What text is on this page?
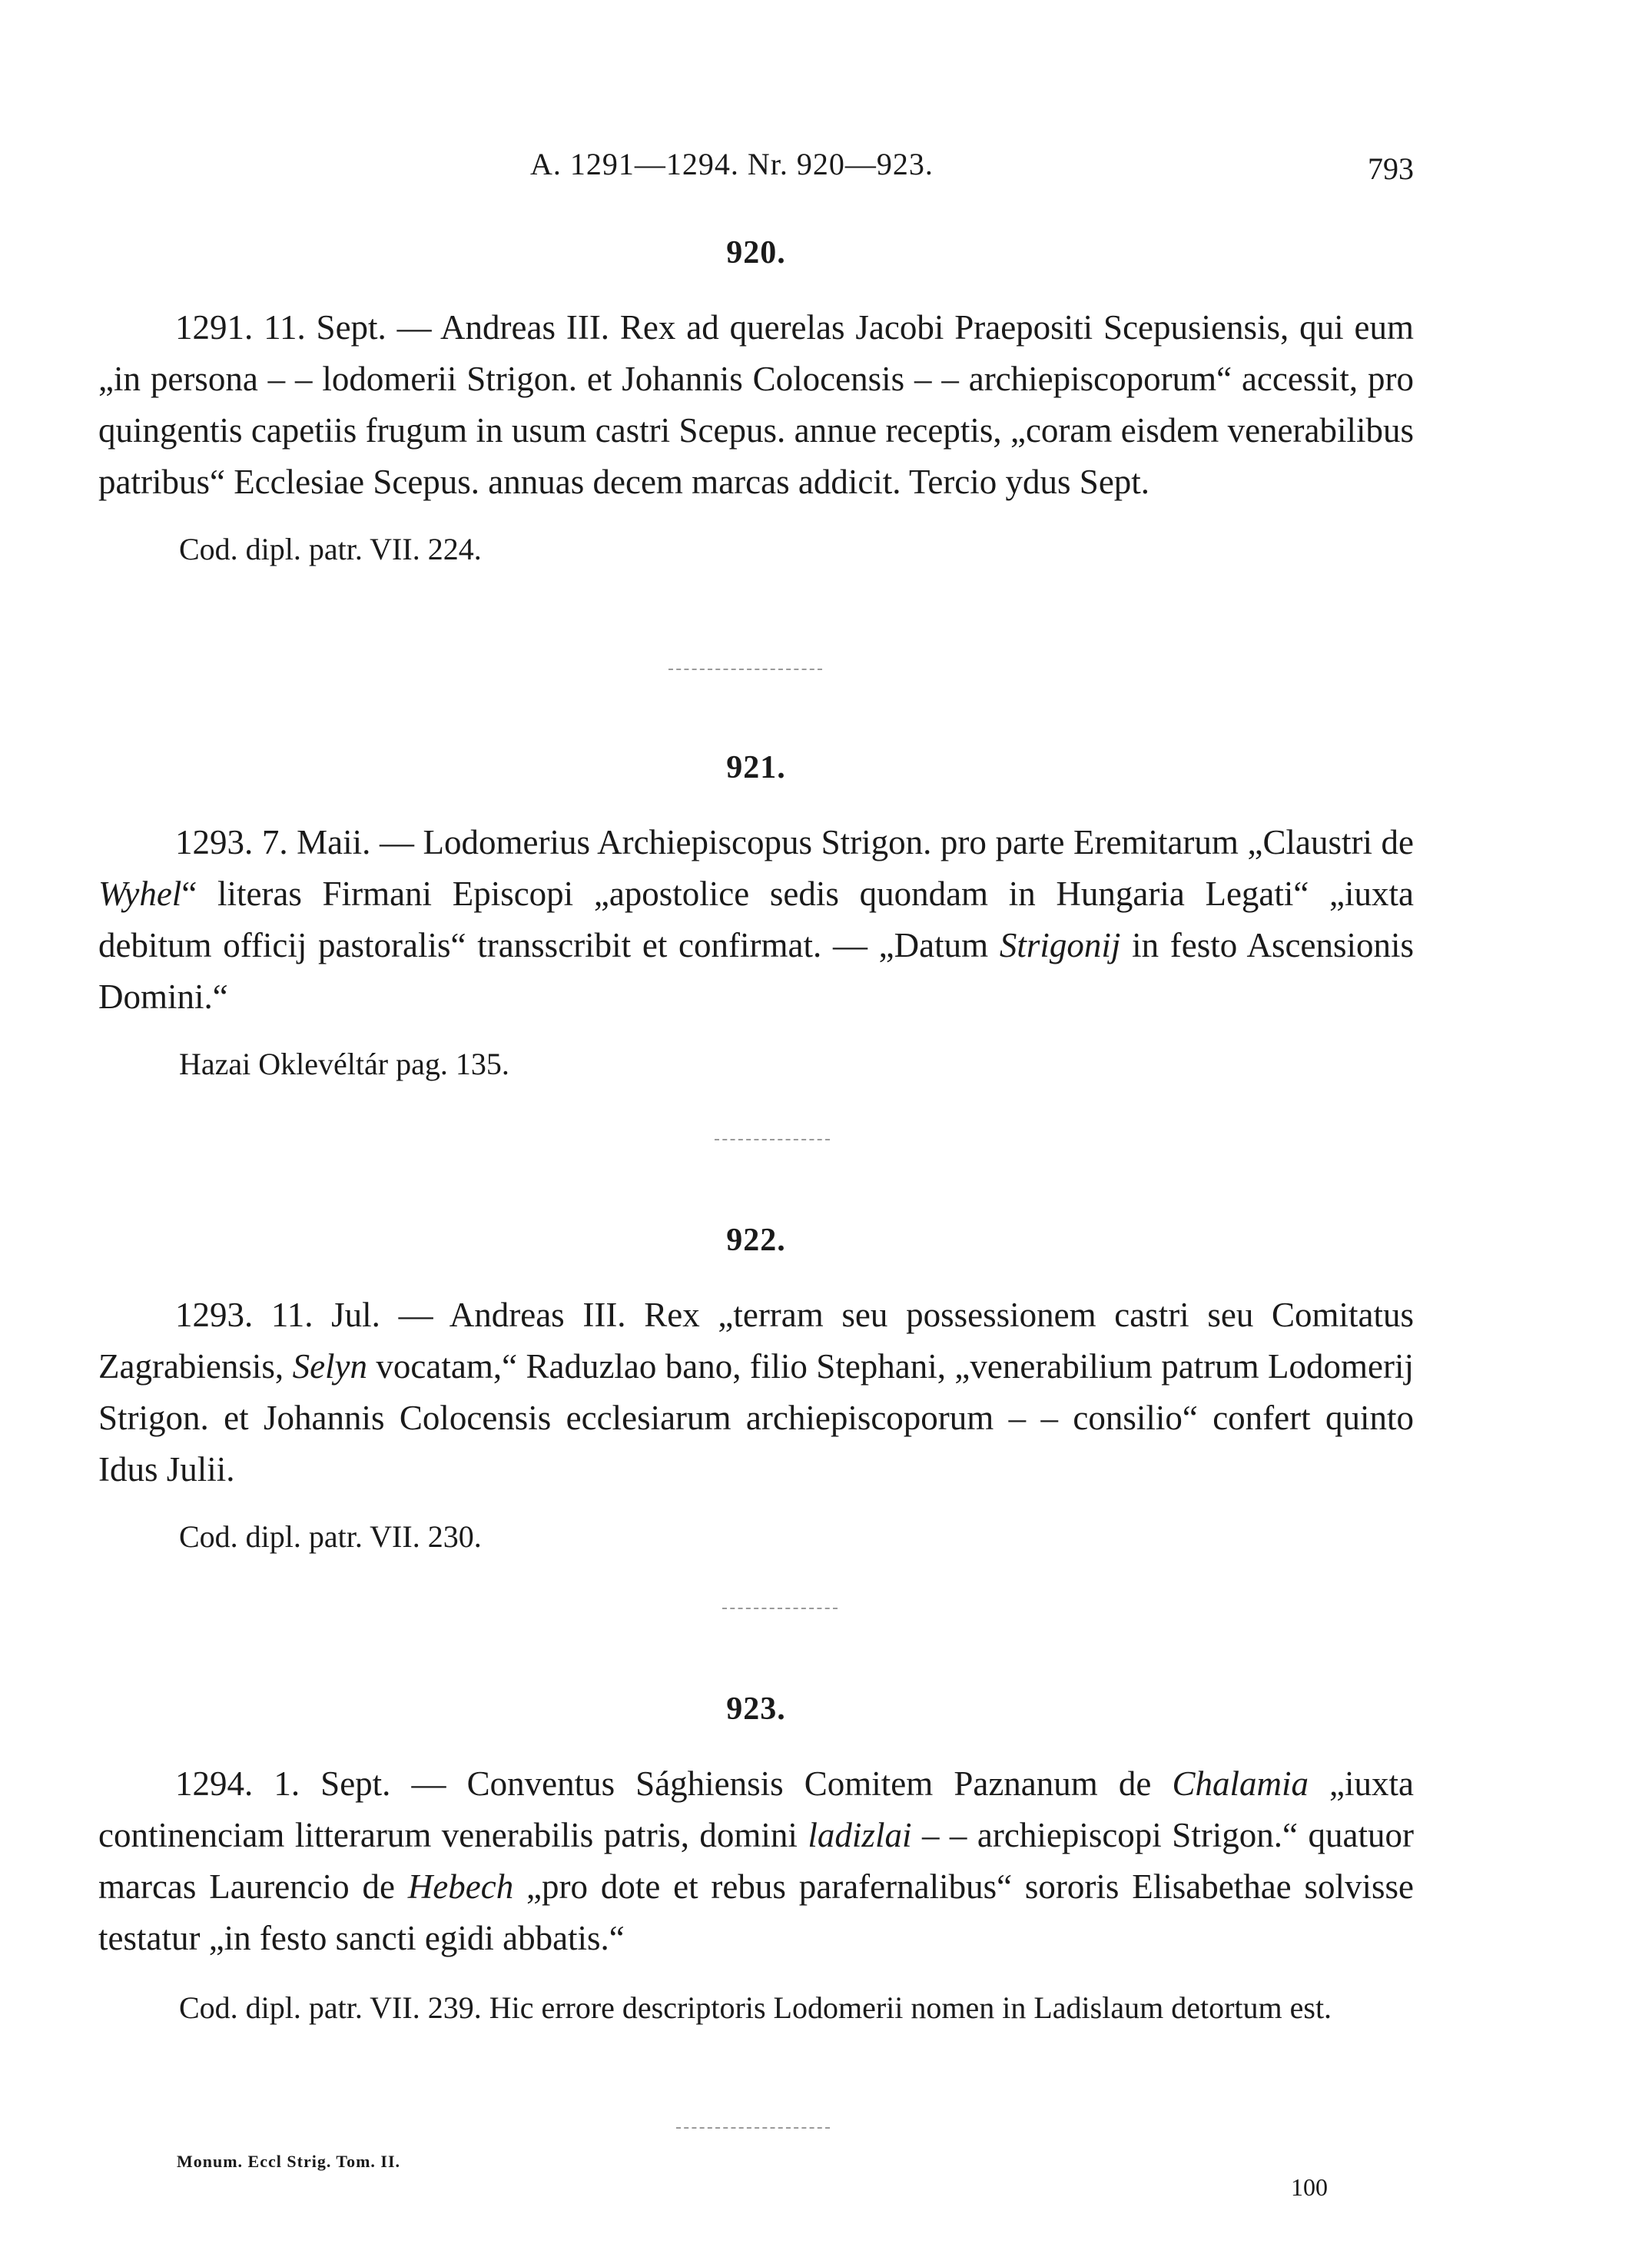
A. 1291—1294. Nr. 920—923.	793
920.

1291. 11. Sept. — Andreas III. Rex ad querelas Jacobi Praepositi Scepusiensis, qui eum „in persona – – lodomerii Strigon. et Johannis Colocensis – – archiepiscoporum“ accessit, pro quingentis capetiis frugum in usum castri Scepus. annue receptis, „coram eisdem venerabilibus patribus“ Ecclesiae Scepus. annuas decem marcas addicit. Tercio ydus Sept.

Cod. dipl. patr. VII. 224.
921.

1293. 7. Maii. — Lodomerius Archiepiscopus Strigon. pro parte Eremitarum „Claustri de Wyhel“ literas Firmani Episcopi „apostolice sedis quondam in Hungaria Legati“ „iuxta debitum officij pastoralis“ transscribit et confirmat. — „Datum Strigonij in festo Ascensionis Domini.“

Hazai Oklevéltár pag. 135.
922.

1293. 11. Jul. — Andreas III. Rex „terram seu possessionem castri seu Comitatus Zagrabiensis, Selyn vocatam,“ Raduzlao bano, filio Stephani, „venerabilium patrum Lodomerij Strigon. et Johannis Colocensis ecclesiarum archiepiscoporum – – consilio“ confert quinto Idus Julii.

Cod. dipl. patr. VII. 230.
923.

1294. 1. Sept. — Conventus Sághiensis Comitem Paznanum de Chalamia „iuxta continenciam litterarum venerabilis patris, domini ladizlai – – archiepiscopi Strigon.“ quatuor marcas Laurencio de Hebech „pro dote et rebus parafernalibus“ sororis Elisabethae solvisse testatur „in festo sancti egidi abbatis.“

Cod. dipl. patr. VII. 239. Hic errore descriptoris Lodomerii nomen in Ladislaum detortum est.
Monum. Eccl Strig. Tom. II.
100
